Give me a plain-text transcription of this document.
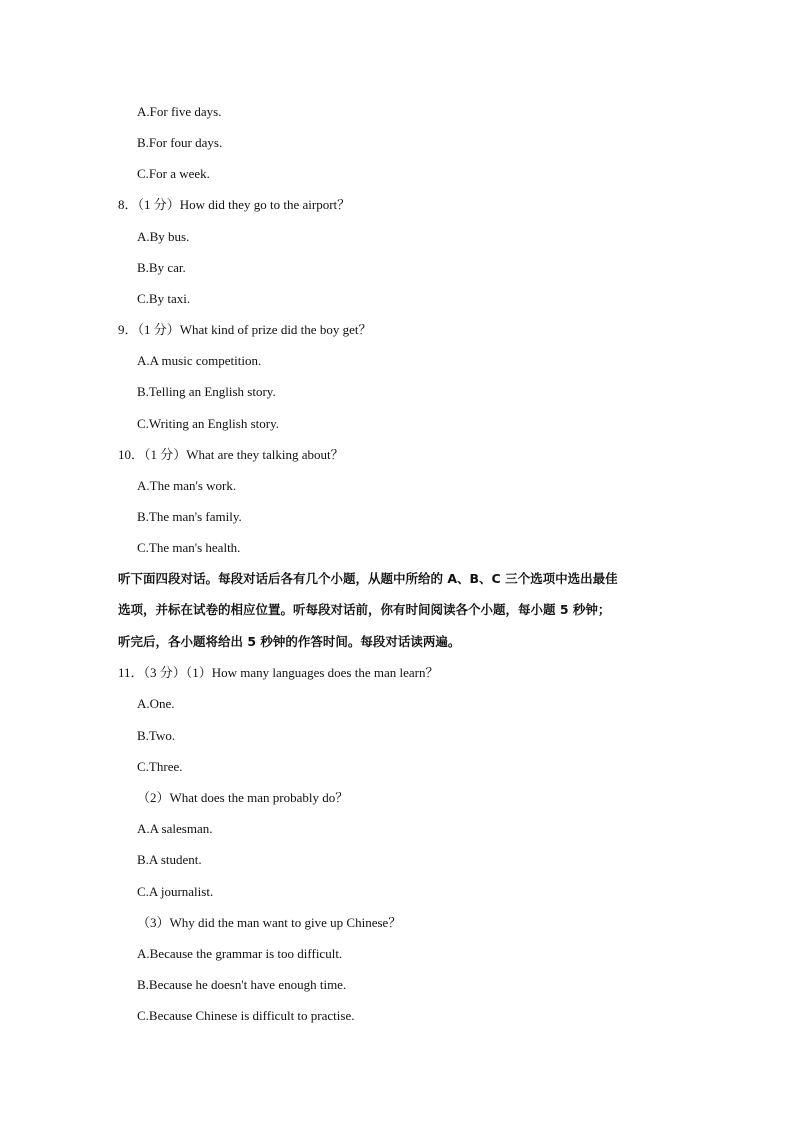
A.For five days.
B.For four days.
C.For a week.
8．（1 分）How did they go to the airport？
A.By bus.
B.By car.
C.By taxi.
9．（1 分）What kind of prize did the boy get？
A.A music competition.
B.Telling an English story.
C.Writing an English story.
10．（1 分）What are they talking about？
A.The man's work.
B.The man's family.
C.The man's health.
听下面四段对话。每段对话后各有几个小题，从题中所给的 A、B、C 三个选项中选出最佳
选项，并标在试卷的相应位置。听每段对话前，你有时间阅读各个小题，每小题 5 秒钟；
听完后，各小题将给出 5 秒钟的作答时间。每段对话读两遍。
11．（3 分）（1）How many languages does the man learn？
A.One.
B.Two.
C.Three.
（2）What does the man probably do？
A.A salesman.
B.A student.
C.A journalist.
（3）Why did the man want to give up Chinese？
A.Because the grammar is too difficult.
B.Because he doesn't have enough time.
C.Because Chinese is difficult to practise.
